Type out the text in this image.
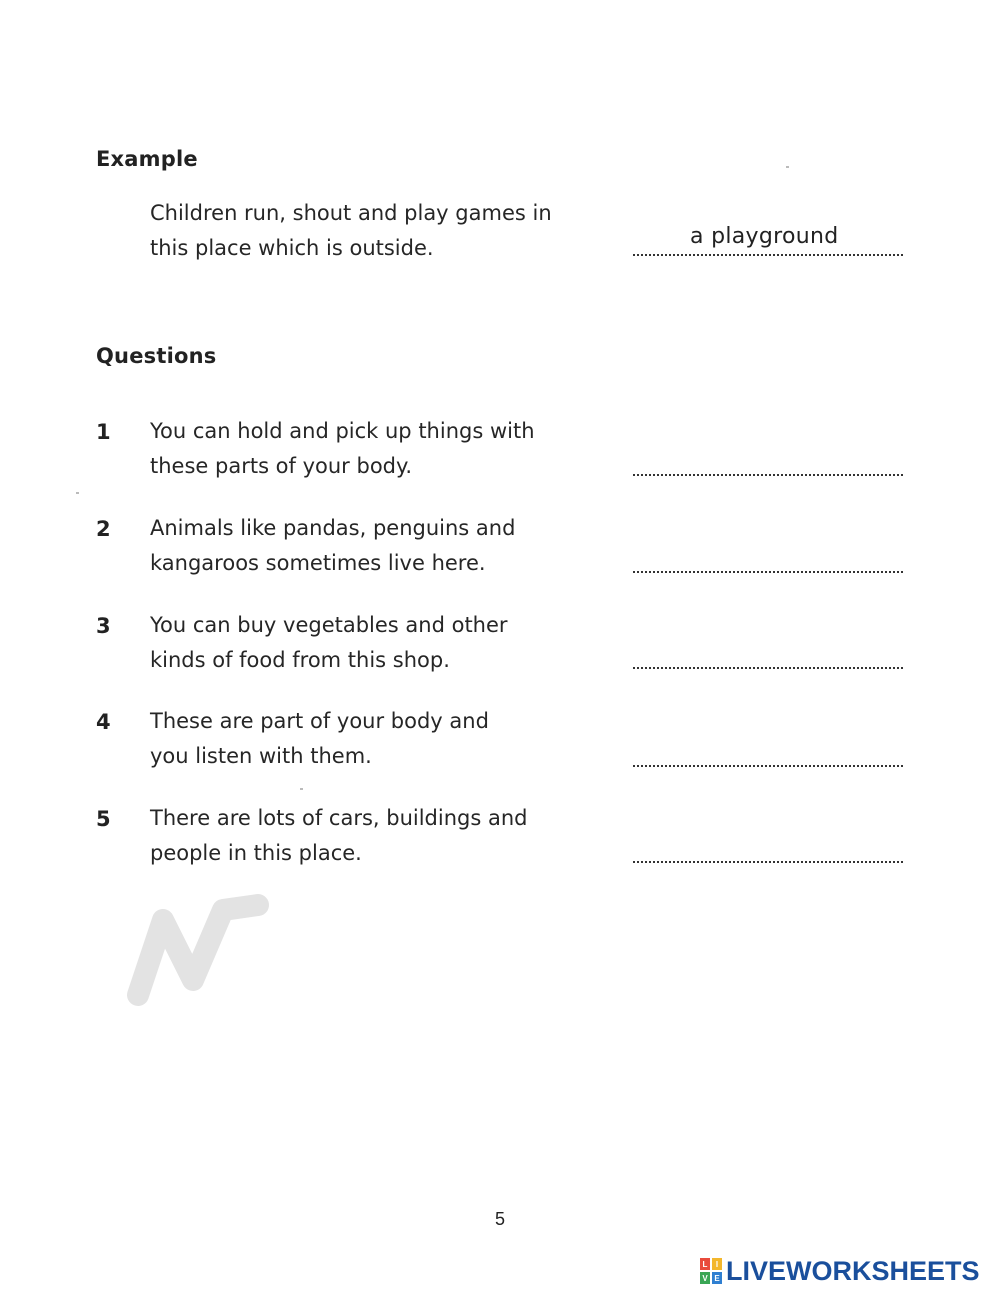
Example
Children run, shout and play games in
this place which is outside.	a playground
Questions
1 You can hold and pick up things with
these parts of your body.
2 Animals like pandas, penguins and
kangaroos sometimes live here.
3 You can buy vegetables and other
kinds of food from this shop.
4 These are part of your body and
you listen with them.
5 There are lots of cars, buildings and
people in this place.
5
L I
V E LIVEWORKSHEETS
